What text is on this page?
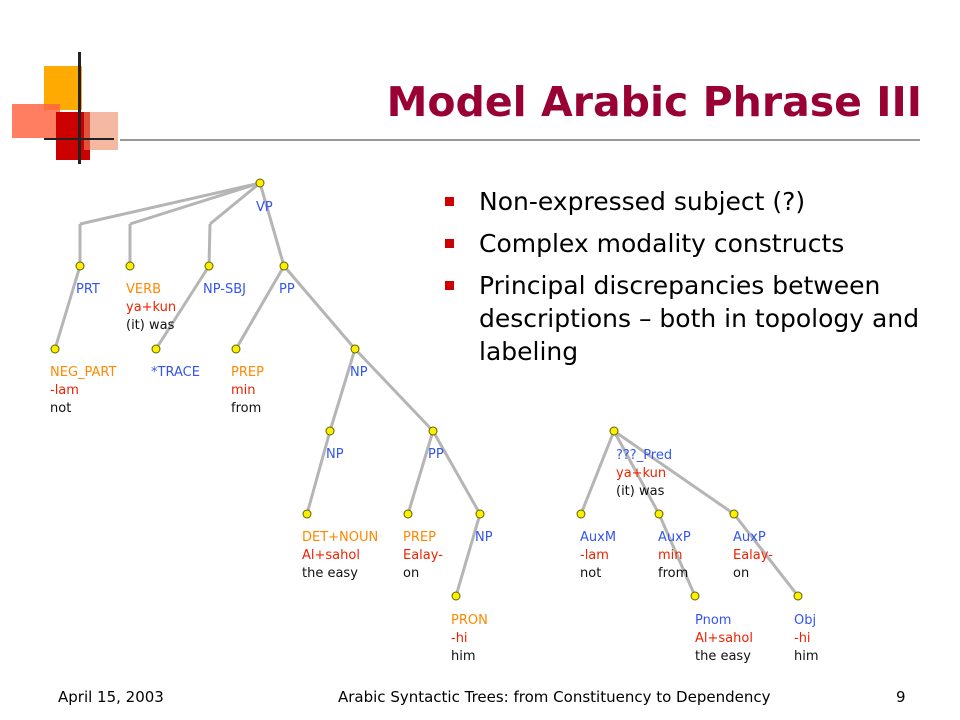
Model Arabic Phrase III
Non-expressed subject (?)
Complex modality constructs
Principal discrepancies between descriptions – both in topology and labeling
VP
PRT VERB
ya+kun
(it) was
NP-SBJ	PP
NEG_PART
-lam
not
*TRACE PREP
min
from
NP
NP	PP
DET+NOUN
Al+sahol
the easy
PREP
Ealay-
on
NP
PRON
-hi
him
???_Pred
ya+kun
(it) was
AuxM
-lam
not
AuxP
min
from
AuxP
Ealay-
on
Pnom
Al+sahol
the easy
Obj
-hi
him
April 15, 2003	Arabic Syntactic Trees: from Constituency to Dependency	9
